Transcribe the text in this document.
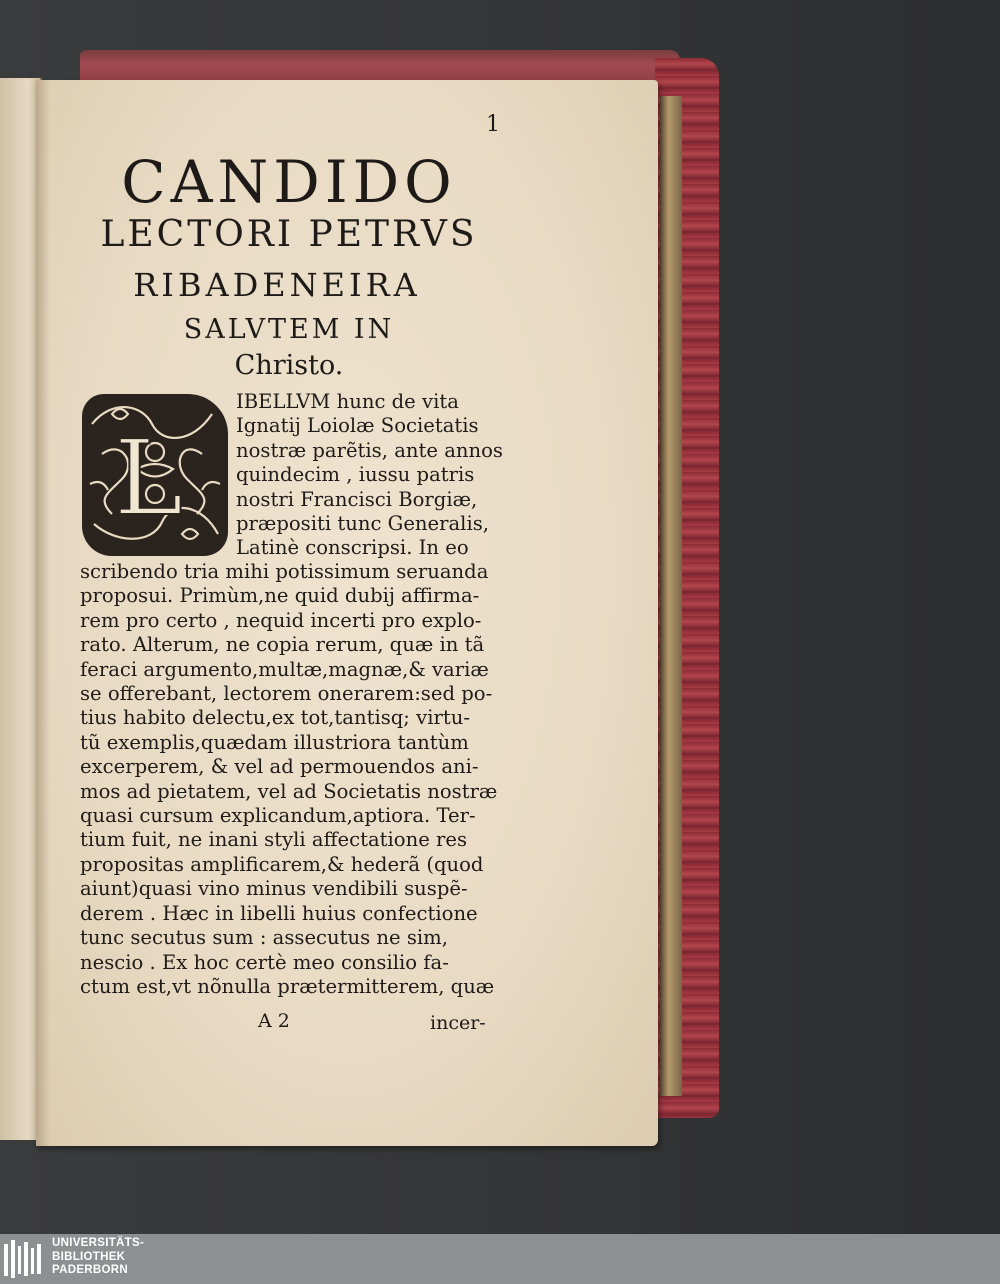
1
CANDIDO
LECTORI PETRVS
RIBADENEIRA
SALVTEM IN
Christo.
L
IBELLVM hunc de vita
Ignatij Loiolæ Societatis
nostræ parẽtis, ante annos
quindecim , iussu patris
nostri Francisci Borgiæ,
præpositi tunc Generalis,
Latinè conscripsi. In eo
scribendo tria mihi potissimum seruanda
proposui. Primùm,ne quid dubij affirma-
rem pro certo , nequid incerti pro explo-
rato. Alterum, ne copia rerum, quæ in tã
feraci argumento,multæ,magnæ,& variæ
se offerebant, lectorem onerarem:sed po-
tius habito delectu,ex tot,tantisq; virtu-
tũ exemplis,quædam illustriora tantùm
excerperem, & vel ad permouendos ani-
mos ad pietatem, vel ad Societatis nostræ
quasi cursum explicandum,aptiora. Ter-
tium fuit, ne inani styli affectatione res
propositas amplificarem,& hederã (quod
aiunt)quasi vino minus vendibili suspẽ-
derem . Hæc in libelli huius confectione
tunc secutus sum : assecutus ne sim,
nescio . Ex hoc certè meo consilio fa-
ctum est,vt nõnulla prætermitterem, quæ
A 2	incer-
UNIVERSITÄTS-
BIBLIOTHEK
PADERBORN
